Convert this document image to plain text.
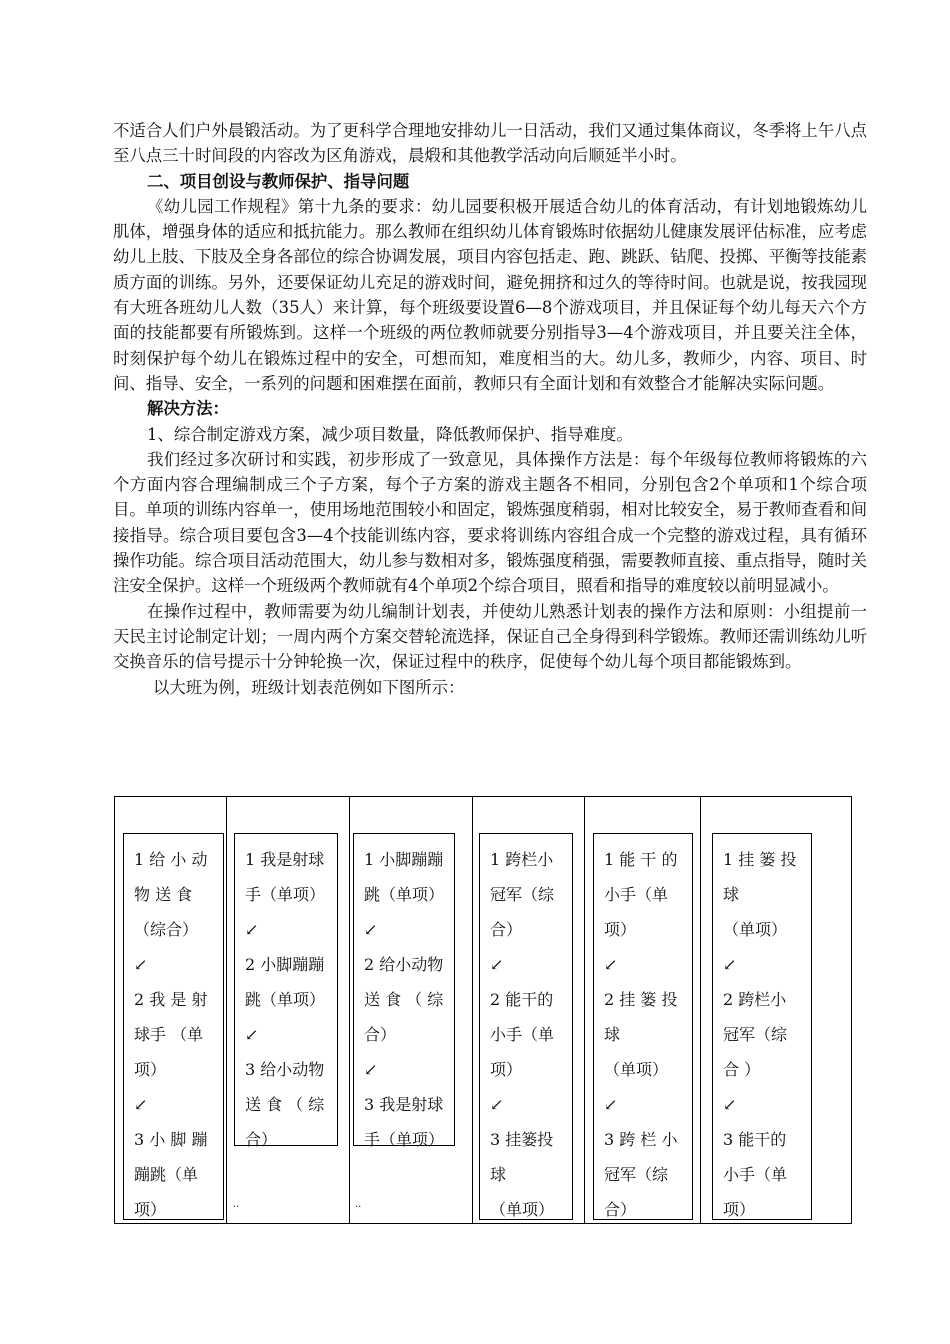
不适合人们户外晨锻活动。为了更科学合理地安排幼儿一日活动，我们又通过集体商议，冬季将上午八点至八点三十时间段的内容改为区角游戏，晨煅和其他教学活动向后顺延半小时。

二、项目创设与教师保护、指导问题

《幼儿园工作规程》第十九条的要求：幼儿园要积极开展适合幼儿的体育活动，有计划地锻炼幼儿肌体，增强身体的适应和抵抗能力。那么教师在组织幼儿体育锻炼时依据幼儿健康发展评估标准，应考虑幼儿上肢、下肢及全身各部位的综合协调发展，项目内容包括走、跑、跳跃、钻爬、投掷、平衡等技能素质方面的训练。另外，还要保证幼儿充足的游戏时间，避免拥挤和过久的等待时间。也就是说，按我园现有大班各班幼儿人数（35人）来计算，每个班级要设置6—8个游戏项目，并且保证每个幼儿每天六个方面的技能都要有所锻炼到。这样一个班级的两位教师就要分别指导3—4个游戏项目，并且要关注全体，时刻保护每个幼儿在锻炼过程中的安全，可想而知，难度相当的大。幼儿多，教师少，内容、项目、时间、指导、安全，一系列的问题和困难摆在面前，教师只有全面计划和有效整合才能解决实际问题。

解决方法：

1、综合制定游戏方案，减少项目数量，降低教师保护、指导难度。

我们经过多次研讨和实践，初步形成了一致意见，具体操作方法是：每个年级每位教师将锻炼的六个方面内容合理编制成三个子方案，每个子方案的游戏主题各不相同，分别包含2个单项和1个综合项目。单项的训练内容单一，使用场地范围较小和固定，锻炼强度稍弱，相对比较安全，易于教师查看和间接指导。综合项目要包含3—4个技能训练内容，要求将训练内容组合成一个完整的游戏过程，具有循环操作功能。综合项目活动范围大，幼儿参与数相对多，锻炼强度稍强，需要教师直接、重点指导，随时关注安全保护。这样一个班级两个教师就有4个单项2个综合项目，照看和指导的难度较以前明显减小。

在操作过程中，教师需要为幼儿编制计划表，并使幼儿熟悉计划表的操作方法和原则：小组提前一天民主讨论制定计划；一周内两个方案交替轮流选择，保证自己全身得到科学锻炼。教师还需训练幼儿听交换音乐的信号提示十分钟轮换一次，保证过程中的秩序，促使每个幼儿每个项目都能锻炼到。

以大班为例，班级计划表范例如下图所示：

1 给 小 动
物 送 食
（综合）
↙
2 我 是 射
球手 （单
项）
↙
3 小 脚 蹦
蹦跳（单
项）
1 我是射球
手（单项）
↙
2 小脚蹦蹦
跳（单项）
↙
3 给小动物
送 食 （ 综
合）
1 小脚蹦蹦
跳（单项）
↙
2 给小动物
送 食 （ 综
合）
↙
3 我是射球
手（单项）
1 跨栏小
冠军（综
合）
↙
2 能干的
小手（单
项）
↙
3 挂篓投
球
（单项）
1 能 干 的
小手（单
项）
↙
2 挂 篓 投
球
（单项）
↙
3 跨 栏 小
冠军（综
合）
1 挂 篓 投
球
（单项）
↙
2 跨栏小
冠军（综
合 ）
↙
3 能干的
小手（单
项）
..	..
